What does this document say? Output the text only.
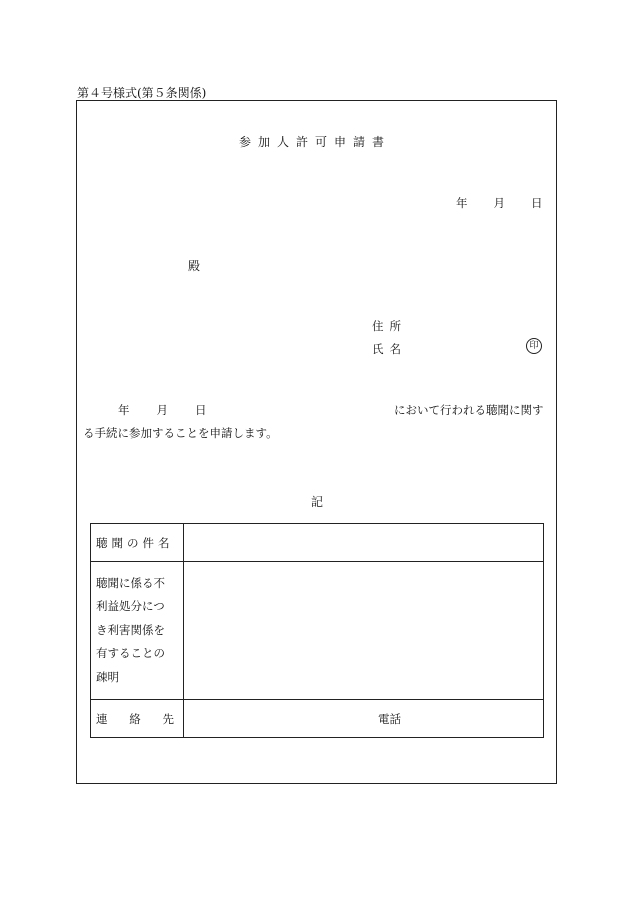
第４号様式(第５条関係)
参加人許可申請書
年 月 日
殿
住所
氏名	印
年 月 日	において行われる聴聞に関す
る手続に参加することを申請します。
記
聴聞の件名	

聴聞に係る不
利益処分につ
き利害関係を
有することの
疎明	

連 絡 先	電話
